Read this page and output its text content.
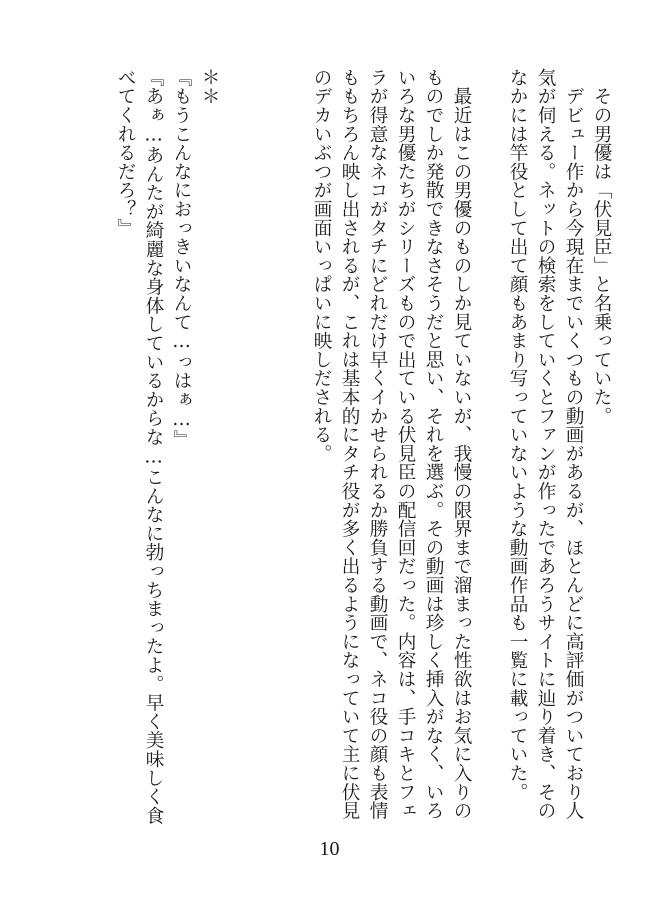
　その男優は「伏見臣」と名乗っていた。
　デビュー作から今現在までいくつもの動画があるが、ほとんどに高評価がついており人
気が伺える。ネットの検索をしていくとファンが作ったであろうサイトに辿り着き、その
なかには竿役として出て顔もあまり写っていないような動画作品も一覧に載っていた。

　最近はこの男優のものしか見ていないが、我慢の限界まで溜まった性欲はお気に入りの
ものでしか発散できなさそうだと思い、それを選ぶ。その動画は珍しく挿入がなく、いろ
いろな男優たちがシリーズもので出ている伏見臣の配信回だった。内容は、手コキとフェ
ラが得意なネコがタチにどれだけ早くイかせられるか勝負する動画で、ネコ役の顔も表情
ももちろん映し出されるが、これは基本的にタチ役が多く出るようになっていて主に伏見
のデカいぶつが画面いっぱいに映しだされる。

＊＊
『もうこんなにおっきいなんて…っはぁ…』
『あぁ…あんたが綺麗な身体しているからな…こんなに勃っちまったよ。早く美味しく食
べてくれるだろ？』
10
